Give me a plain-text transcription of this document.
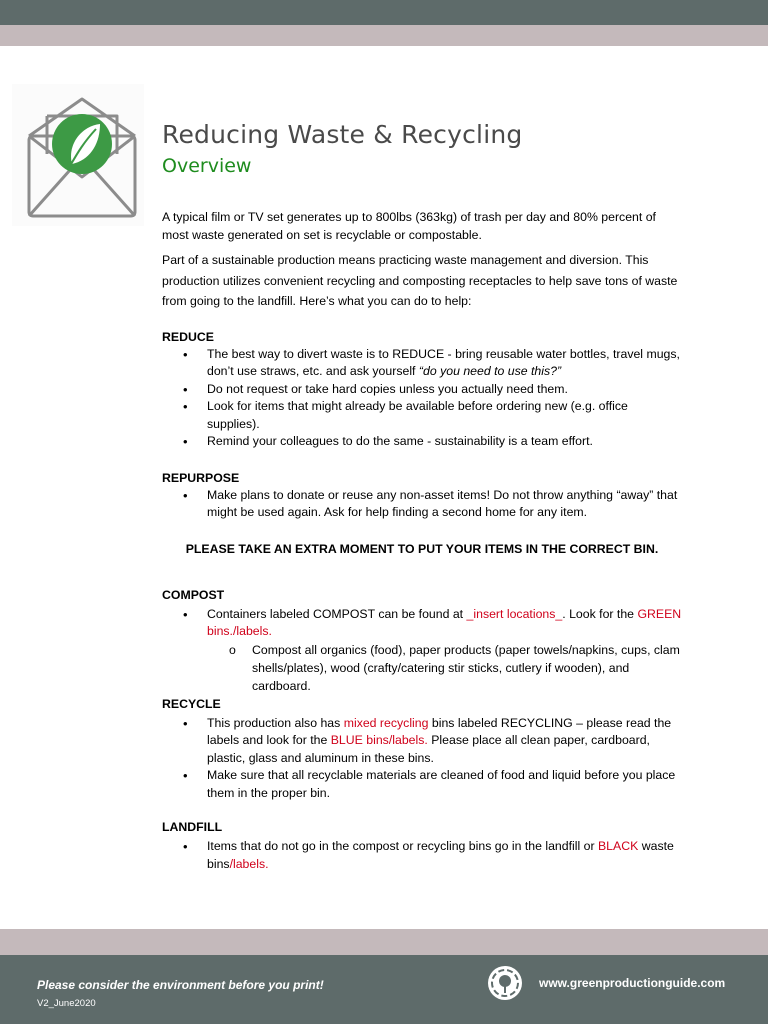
Reducing Waste & Recycling
Overview

A typical film or TV set generates up to 800lbs (363kg) of trash per day and 80% percent of most waste generated on set is recyclable or compostable.

Part of a sustainable production means practicing waste management and diversion. This production utilizes convenient recycling and composting receptacles to help save tons of waste from going to the landfill. Here’s what you can do to help:

REDUCE

• The best way to divert waste is to REDUCE - bring reusable water bottles, travel mugs, don’t use straws, etc. and ask yourself “do you need to use this?”
• Do not request or take hard copies unless you actually need them.
• Look for items that might already be available before ordering new (e.g. office supplies).
• Remind your colleagues to do the same - sustainability is a team effort.

REPURPOSE

• Make plans to donate or reuse any non-asset items! Do not throw anything “away” that might be used again. Ask for help finding a second home for any item.

PLEASE TAKE AN EXTRA MOMENT TO PUT YOUR ITEMS IN THE CORRECT BIN.

COMPOST

• Containers labeled COMPOST can be found at _insert locations_. Look for the GREEN bins./labels.
o Compost all organics (food), paper products (paper towels/napkins, cups, clam shells/plates), wood (crafty/catering stir sticks, cutlery if wooden), and cardboard.

RECYCLE

• This production also has mixed recycling bins labeled RECYCLING – please read the labels and look for the BLUE bins/labels. Please place all clean paper, cardboard, plastic, glass and aluminum in these bins.
• Make sure that all recyclable materials are cleaned of food and liquid before you place them in the proper bin.

LANDFILL

• Items that do not go in the compost or recycling bins go in the landfill or BLACK waste bins/labels.
Please consider the environment before you print!
V2_June2020
www.greenproductionguide.com
